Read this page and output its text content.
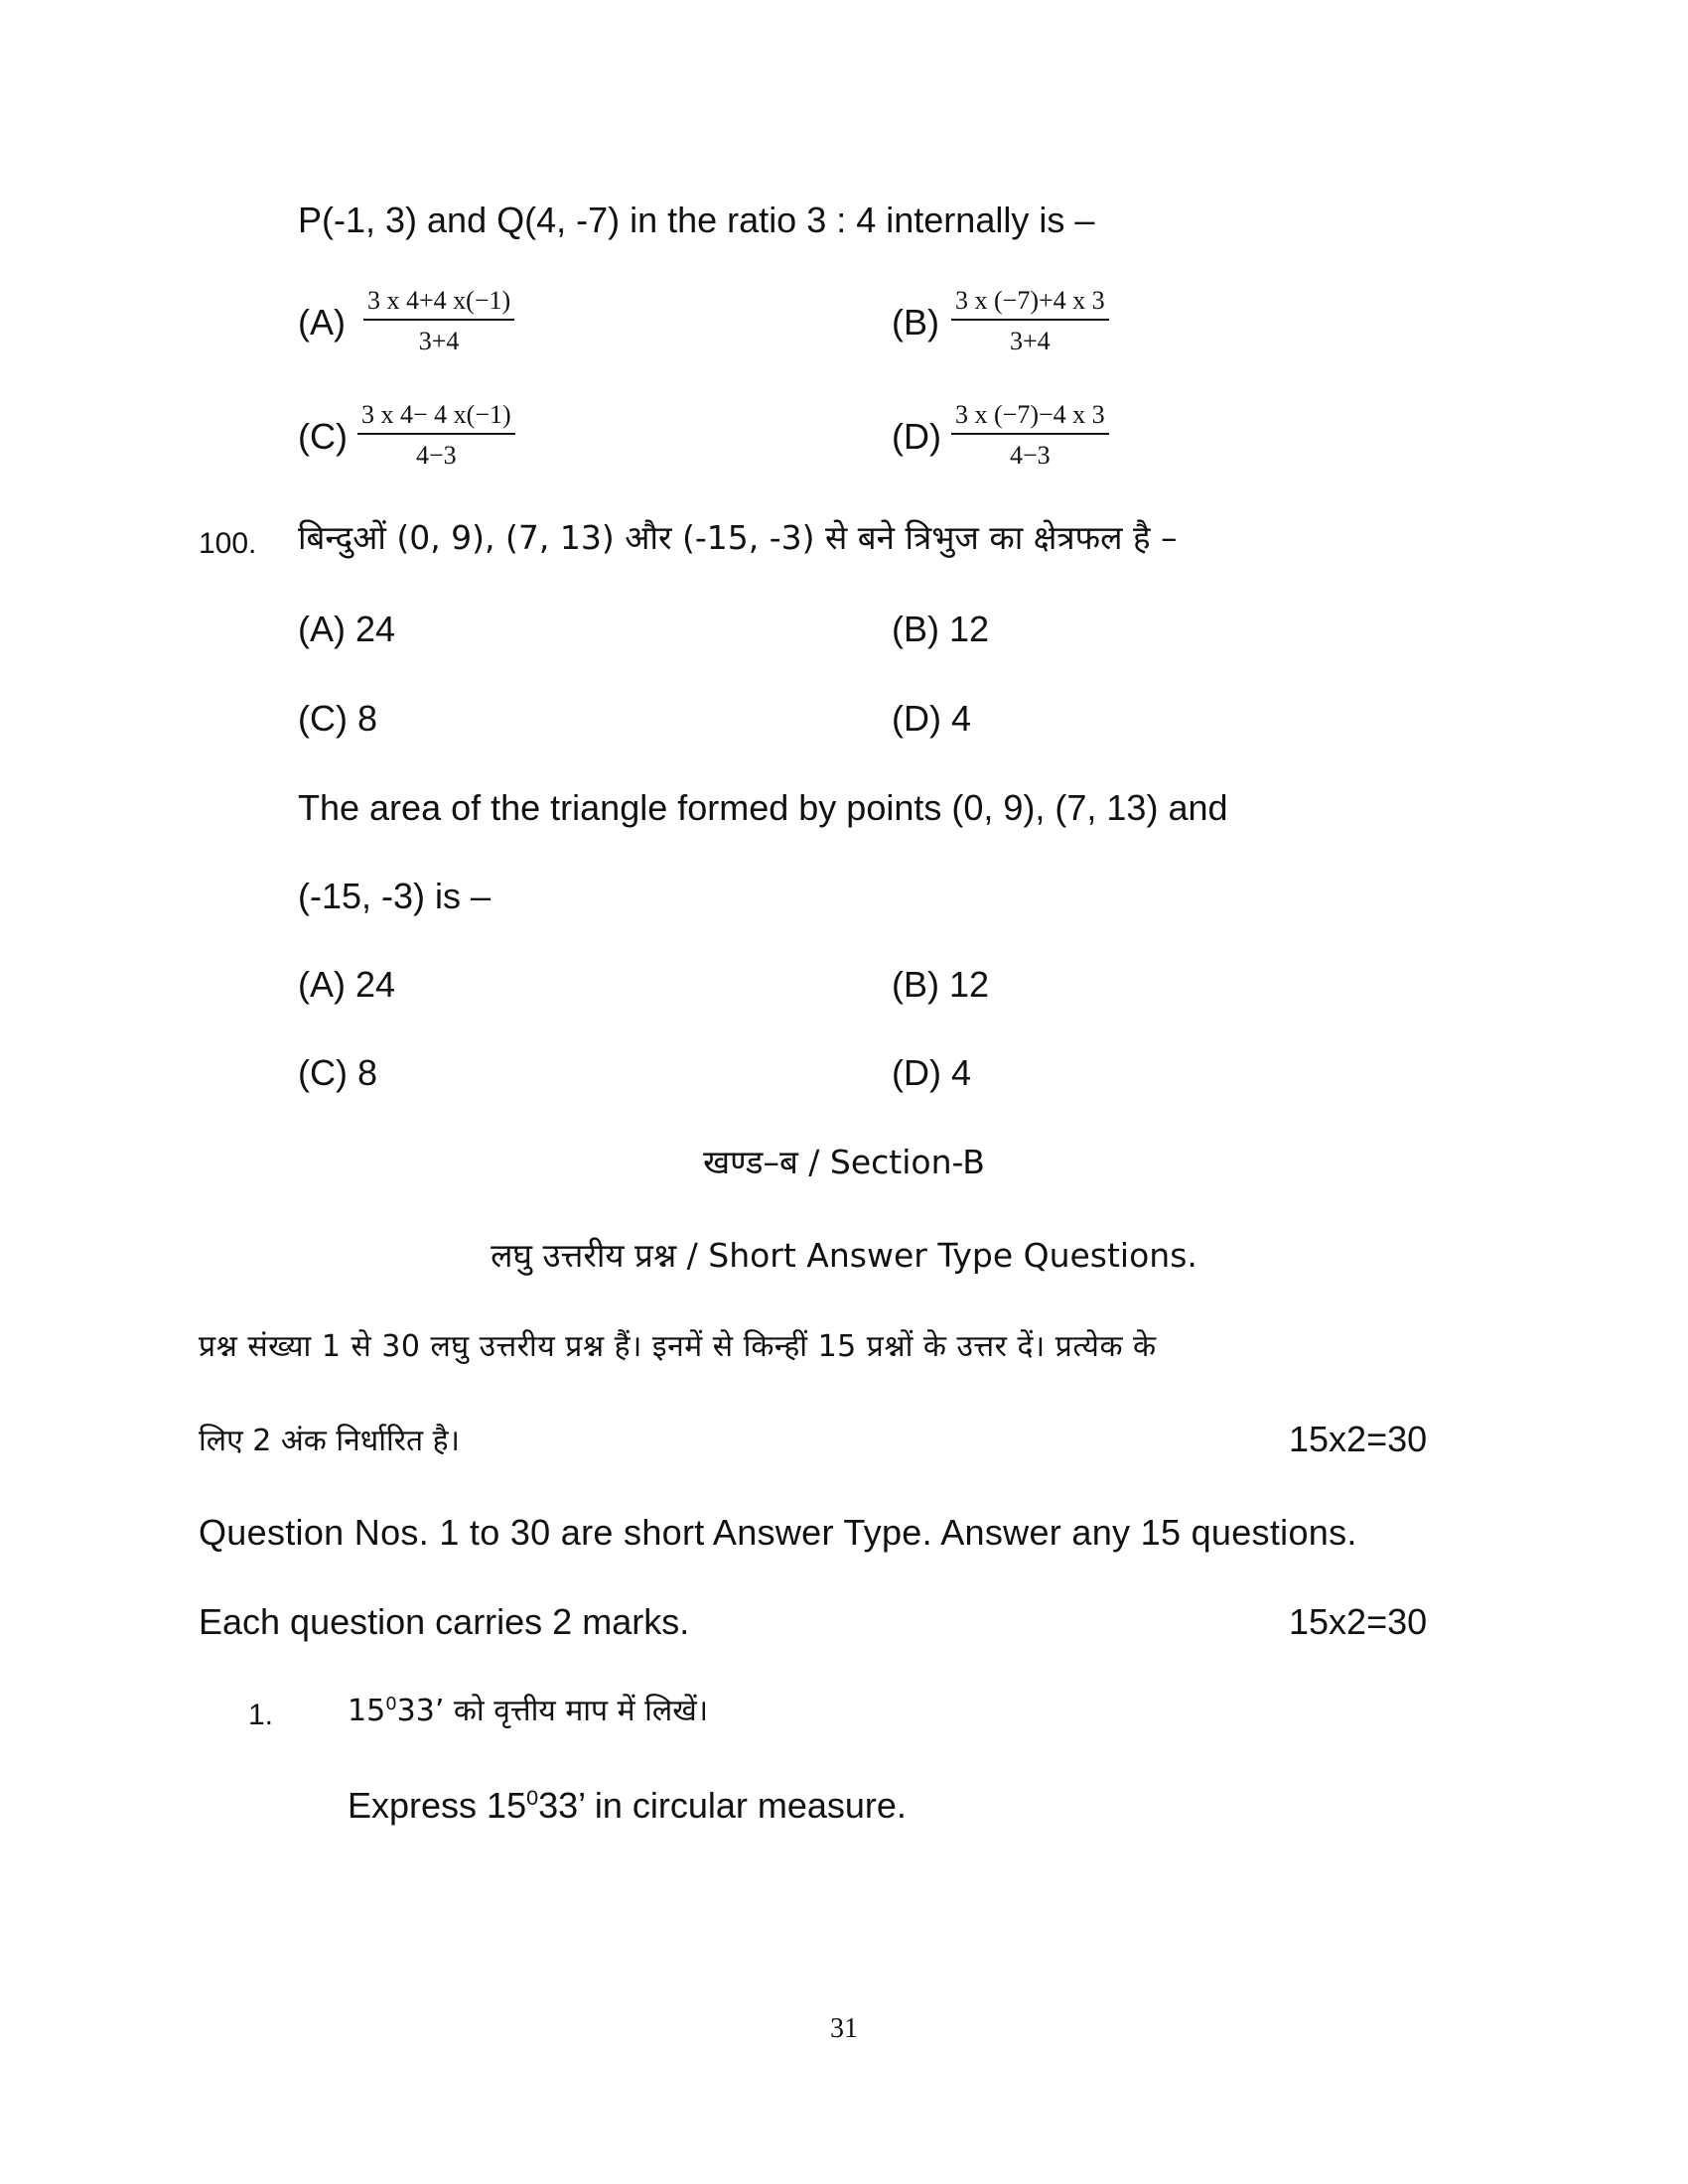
P(-1, 3) and Q(4, -7) in the ratio 3 : 4 internally is –
$(A) \frac{3 x 4+4 x(-1)}{3+4}$	$(B) \frac{3 x (-7)+4 x 3}{3+4}$
$(C) \frac{3 x 4- 4 x(-1)}{4-3}$	$(D) \frac{3 x (-7)-4 x 3}{4-3}$
100. बिन्दुओं (0, 9), (7, 13) और (-15, -3) से बने त्रिभुज का क्षेत्रफल है –
(A) 24	(B) 12
(C) 8	(D) 4
The area of the triangle formed by points (0, 9), (7, 13) and
(-15, -3) is –
(A) 24	(B) 12
(C) 8	(D) 4
खण्ड–ब / Section-B
लघु उत्तरीय प्रश्न / Short Answer Type Questions.
प्रश्न संख्या 1 से 30 लघु उत्तरीय प्रश्न हैं। इनमें से किन्हीं 15 प्रश्नों के उत्तर दें। प्रत्येक के
लिए 2 अंक निर्धारित है।	15x2=30
Question Nos. 1 to 30 are short Answer Type. Answer any 15 questions.
Each question carries 2 marks.	15x2=30
1. $15^033$’ को वृत्तीय माप में लिखें।
Express $15^033$’ in circular measure.
31
